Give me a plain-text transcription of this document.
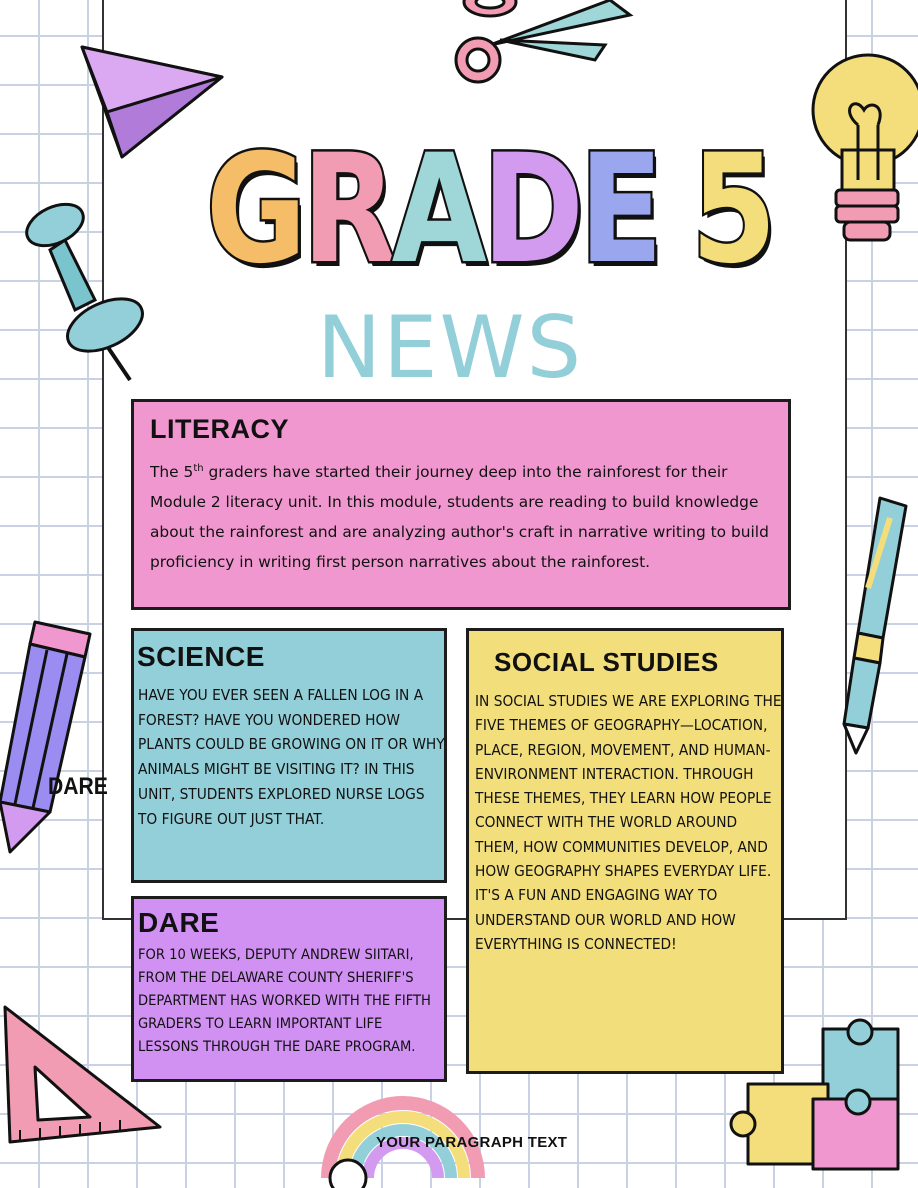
GRADE 5
NEWS
LITERACY

The 5th graders have started their journey deep into the rainforest for their Module 2 literacy unit. In this module, students are reading to build knowledge about the rainforest and are analyzing author's craft in narrative writing to build proficiency in writing first person narratives about the rainforest.

SCIENCE

HAVE YOU EVER SEEN A FALLEN LOG IN A FOREST? HAVE YOU WONDERED HOW PLANTS COULD BE GROWING ON IT OR WHY ANIMALS MIGHT BE VISITING IT? IN THIS UNIT, STUDENTS EXPLORED NURSE LOGS TO FIGURE OUT JUST THAT.

DARE

FOR 10 WEEKS, DEPUTY ANDREW SIITARI, FROM THE DELAWARE COUNTY SHERIFF'S DEPARTMENT HAS WORKED WITH THE FIFTH GRADERS TO LEARN IMPORTANT LIFE LESSONS THROUGH THE DARE PROGRAM.

SOCIAL STUDIES

IN SOCIAL STUDIES WE ARE EXPLORING THE FIVE THEMES OF GEOGRAPHY—LOCATION, PLACE, REGION, MOVEMENT, AND HUMAN-ENVIRONMENT INTERACTION. THROUGH THESE THEMES, THEY LEARN HOW PEOPLE CONNECT WITH THE WORLD AROUND THEM, HOW COMMUNITIES DEVELOP, AND HOW GEOGRAPHY SHAPES EVERYDAY LIFE. IT'S A FUN AND ENGAGING WAY TO UNDERSTAND OUR WORLD AND HOW EVERYTHING IS CONNECTED!

DARE
YOUR PARAGRAPH TEXT
